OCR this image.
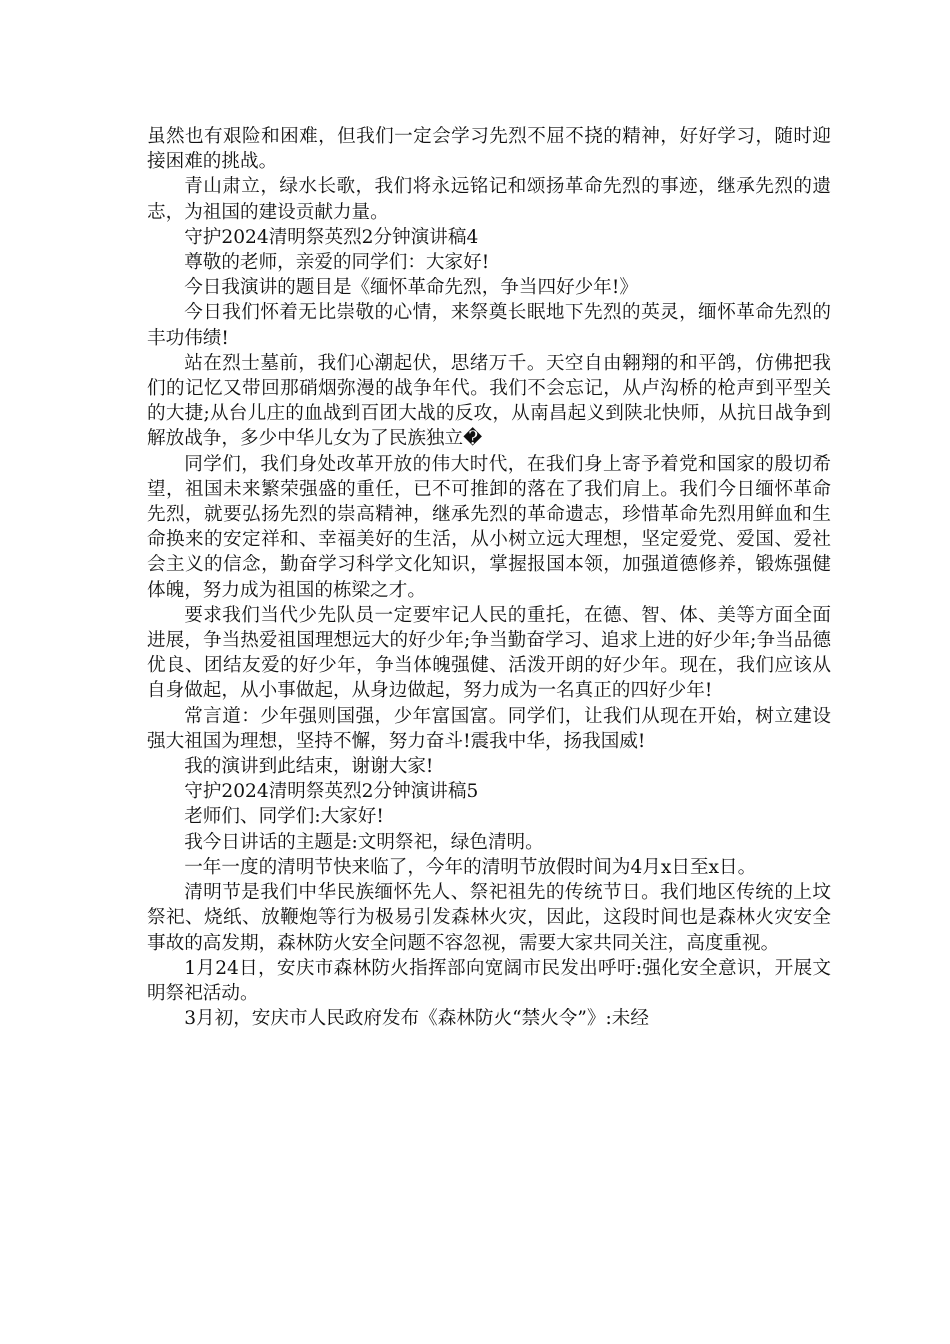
虽然也有艰险和困难，但我们一定会学习先烈不屈不挠的精神，好好学习，随时迎接困难的挑战。

青山肃立，绿水长歌，我们将永远铭记和颂扬革命先烈的事迹，继承先烈的遗志，为祖国的建设贡献力量。

守护2024清明祭英烈2分钟演讲稿4

尊敬的老师，亲爱的同学们：大家好!

今日我演讲的题目是《缅怀革命先烈，争当四好少年!》

今日我们怀着无比崇敬的心情，来祭奠长眠地下先烈的英灵，缅怀革命先烈的丰功伟绩!

站在烈士墓前，我们心潮起伏，思绪万千。天空自由翱翔的和平鸽，仿佛把我们的记忆又带回那硝烟弥漫的战争年代。我们不会忘记，从卢沟桥的枪声到平型关的大捷;从台儿庄的血战到百团大战的反攻，从南昌起义到陕北快师，从抗日战争到解放战争，多少中华儿女为了民族独立�

同学们，我们身处改革开放的伟大时代，在我们身上寄予着党和国家的殷切希望，祖国未来繁荣强盛的重任，已不可推卸的落在了我们肩上。我们今日缅怀革命先烈，就要弘扬先烈的崇高精神，继承先烈的革命遗志，珍惜革命先烈用鲜血和生命换来的安定祥和、幸福美好的生活，从小树立远大理想，坚定爱党、爱国、爱社会主义的信念，勤奋学习科学文化知识，掌握报国本领，加强道德修养，锻炼强健体魄，努力成为祖国的栋梁之才。

要求我们当代少先队员一定要牢记人民的重托，在德、智、体、美等方面全面进展，争当热爱祖国理想远大的好少年;争当勤奋学习、追求上进的好少年;争当品德优良、团结友爱的好少年，争当体魄强健、活泼开朗的好少年。现在，我们应该从自身做起，从小事做起，从身边做起，努力成为一名真正的四好少年!

常言道：少年强则国强，少年富国富。同学们，让我们从现在开始，树立建设强大祖国为理想，坚持不懈，努力奋斗!震我中华，扬我国威!

我的演讲到此结束，谢谢大家!

守护2024清明祭英烈2分钟演讲稿5

老师们、同学们:大家好!

我今日讲话的主题是:文明祭祀，绿色清明。

一年一度的清明节快来临了，今年的清明节放假时间为4月x日至x日。

清明节是我们中华民族缅怀先人、祭祀祖先的传统节日。我们地区传统的上坟祭祀、烧纸、放鞭炮等行为极易引发森林火灾，因此，这段时间也是森林火灾安全事故的高发期，森林防火安全问题不容忽视，需要大家共同关注，高度重视。

1月24日，安庆市森林防火指挥部向宽阔市民发出呼吁:强化安全意识，开展文明祭祀活动。

3月初，安庆市人民政府发布《森林防火“禁火令”》:未经
